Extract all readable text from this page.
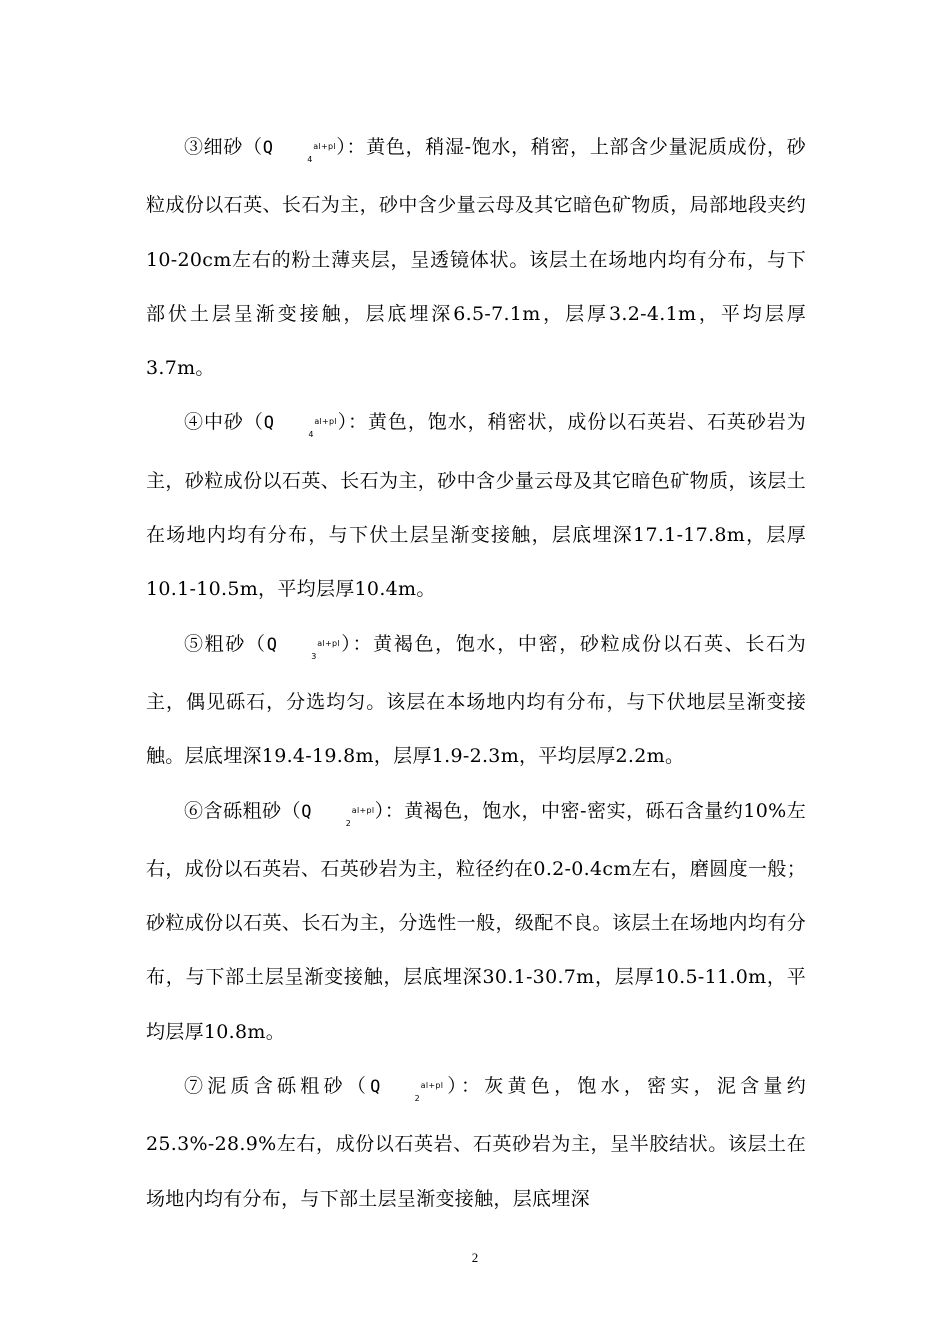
③细砂（Q4al+pl）：黄色，稍湿-饱水，稍密，上部含少量泥质成份，砂粒成份以石英、长石为主，砂中含少量云母及其它暗色矿物质，局部地段夹约10-20cm左右的粉土薄夹层，呈透镜体状。该层土在场地内均有分布，与下部伏土层呈渐变接触，层底埋深6.5-7.1m，层厚3.2-4.1m，平均层厚3.7m。
④中砂（Q4al+pl）：黄色，饱水，稍密状，成份以石英岩、石英砂岩为主，砂粒成份以石英、长石为主，砂中含少量云母及其它暗色矿物质，该层土在场地内均有分布，与下伏土层呈渐变接触，层底埋深17.1-17.8m，层厚10.1-10.5m，平均层厚10.4m。
⑤粗砂（Q3al+pl）：黄褐色，饱水，中密，砂粒成份以石英、长石为主，偶见砾石，分选均匀。该层在本场地内均有分布，与下伏地层呈渐变接触。层底埋深19.4-19.8m，层厚1.9-2.3m，平均层厚2.2m。
⑥含砾粗砂（Q2al+pl）：黄褐色，饱水，中密-密实，砾石含量约10%左右，成份以石英岩、石英砂岩为主，粒径约在0.2-0.4cm左右，磨圆度一般；砂粒成份以石英、长石为主，分选性一般，级配不良。该层土在场地内均有分布，与下部土层呈渐变接触，层底埋深30.1-30.7m，层厚10.5-11.0m，平均层厚10.8m。
⑦泥质含砾粗砂（Q2al+pl）：灰黄色，饱水，密实，泥含量约25.3%-28.9%左右，成份以石英岩、石英砂岩为主，呈半胶结状。该层土在场地内均有分布，与下部土层呈渐变接触，层底埋深
2
